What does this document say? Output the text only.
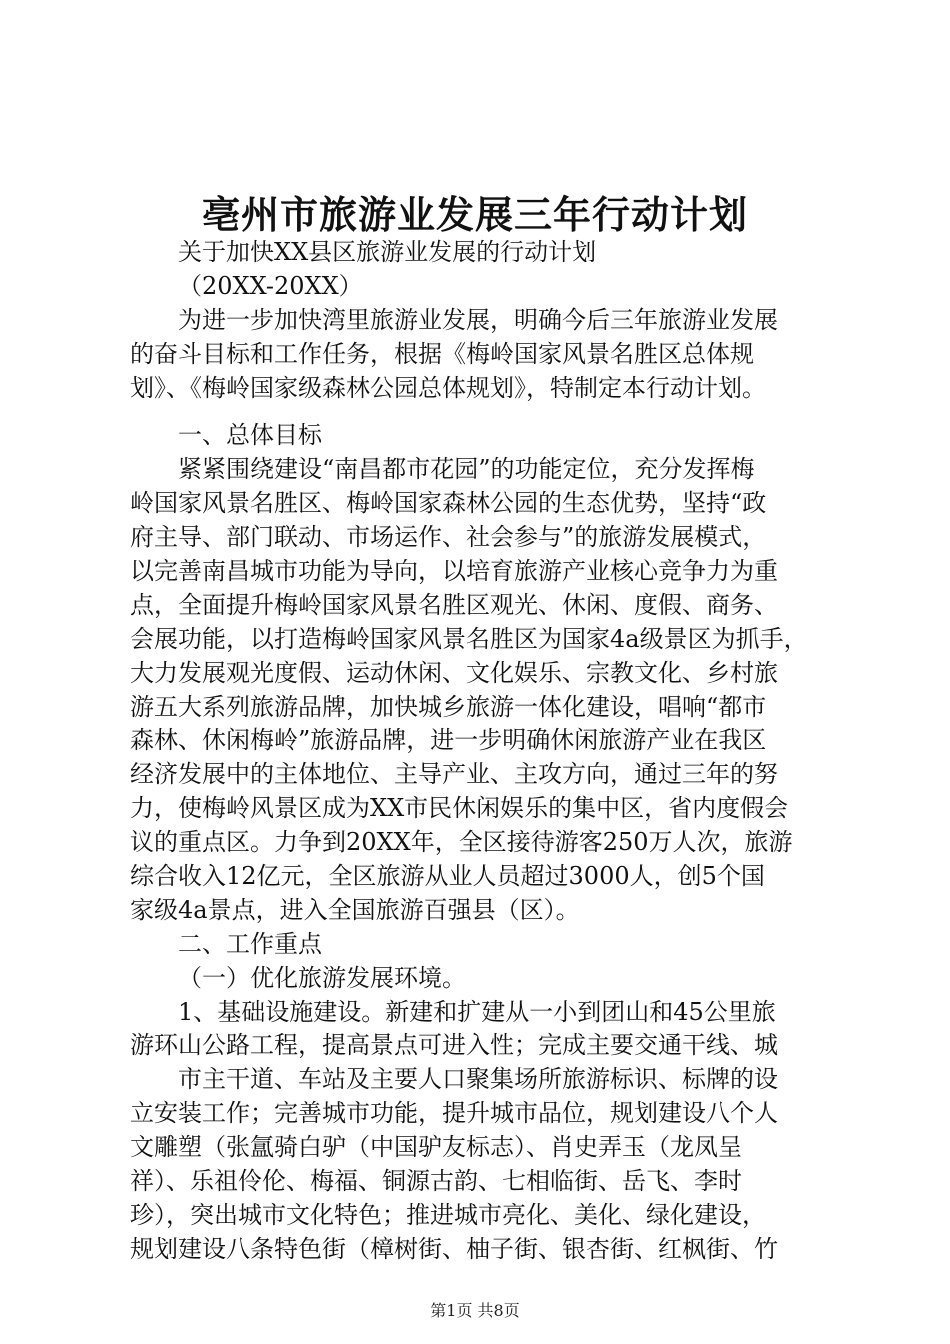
亳州市旅游业发展三年行动计划
关于加快XX县区旅游业发展的行动计划
（20XX-20XX）
为进一步加快湾里旅游业发展，明确今后三年旅游业发展
的奋斗目标和工作任务，根据《梅岭国家风景名胜区总体规
划》、《梅岭国家级森林公园总体规划》，特制定本行动计划。
一、总体目标
紧紧围绕建设“南昌都市花园”的功能定位，充分发挥梅
岭国家风景名胜区、梅岭国家森林公园的生态优势，坚持“政
府主导、部门联动、市场运作、社会参与”的旅游发展模式，
以完善南昌城市功能为导向，以培育旅游产业核心竞争力为重
点，全面提升梅岭国家风景名胜区观光、休闲、度假、商务、
会展功能，以打造梅岭国家风景名胜区为国家4a级景区为抓手，
大力发展观光度假、运动休闲、文化娱乐、宗教文化、乡村旅
游五大系列旅游品牌，加快城乡旅游一体化建设，唱响“都市
森林、休闲梅岭”旅游品牌，进一步明确休闲旅游产业在我区
经济发展中的主体地位、主导产业、主攻方向，通过三年的努
力，使梅岭风景区成为XX市民休闲娱乐的集中区，省内度假会
议的重点区。力争到20XX年，全区接待游客250万人次，旅游
综合收入12亿元，全区旅游从业人员超过3000人，创5个国
家级4a景点，进入全国旅游百强县（区）。
二、工作重点
（一）优化旅游发展环境。
1、基础设施建设。新建和扩建从一小到团山和45公里旅
游环山公路工程，提高景点可进入性；完成主要交通干线、城
市主干道、车站及主要人口聚集场所旅游标识、标牌的设
立安装工作；完善城市功能，提升城市品位，规划建设八个人
文雕塑（张氲骑白驴（中国驴友标志）、肖史弄玉（龙凤呈
祥）、乐祖伶伦、梅福、铜源古韵、七相临街、岳飞、李时
珍），突出城市文化特色；推进城市亮化、美化、绿化建设，
规划建设八条特色街（樟树街、柚子街、银杏街、红枫街、竹
第1页 共8页
